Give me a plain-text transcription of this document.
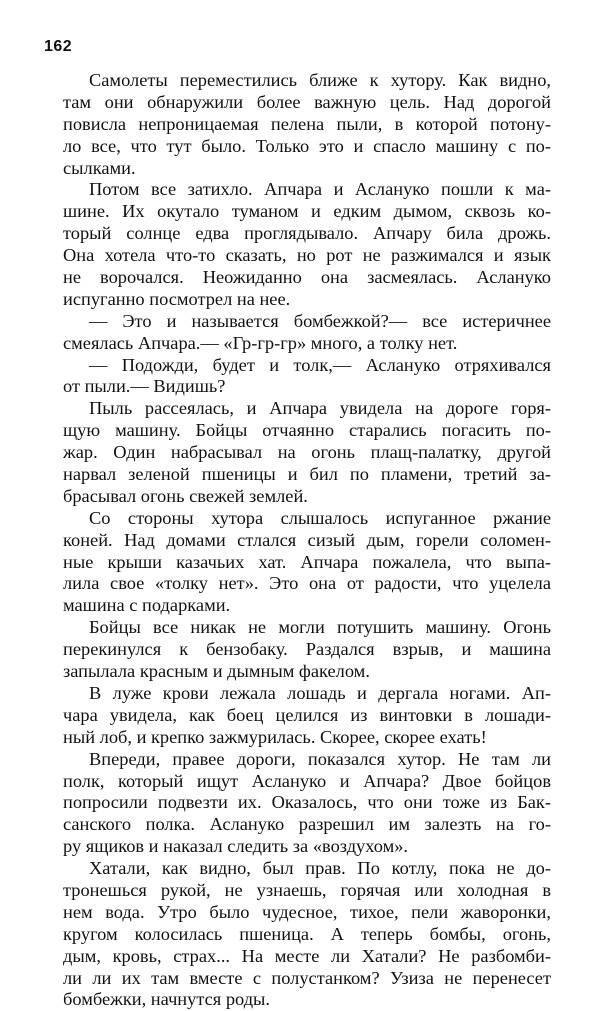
162
Самолеты переместились ближе к хутору. Как видно,
там они обнаружили более важную цель. Над дорогой
повисла непроницаемая пелена пыли, в которой потону-
ло все, что тут было. Только это и спасло машину с по-
сылками.
Потом все затихло. Апчара и Аслануко пошли к ма-
шине. Их окутало туманом и едким дымом, сквозь ко-
торый солнце едва проглядывало. Апчару била дрожь.
Она хотела что-то сказать, но рот не разжимался и язык
не ворочался. Неожиданно она засмеялась. Аслануко
испуганно посмотрел на нее.
— Это и называется бомбежкой?— все истеричнее
смеялась Апчара.— «Гр-гр-гр» много, а толку нет.
— Подожди, будет и толк,— Аслануко отряхивался
от пыли.— Видишь?
Пыль рассеялась, и Апчара увидела на дороге горя-
щую машину. Бойцы отчаянно старались погасить по-
жар. Один набрасывал на огонь плащ-палатку, другой
нарвал зеленой пшеницы и бил по пламени, третий за-
брасывал огонь свежей землей.
Со стороны хутора слышалось испуганное ржание
коней. Над домами стлался сизый дым, горели соломен-
ные крыши казачьих хат. Апчара пожалела, что выпа-
лила свое «толку нет». Это она от радости, что уцелела
машина с подарками.
Бойцы все никак не могли потушить машину. Огонь
перекинулся к бензобаку. Раздался взрыв, и машина
запылала красным и дымным факелом.
В луже крови лежала лошадь и дергала ногами. Ап-
чара увидела, как боец целился из винтовки в лошади-
ный лоб, и крепко зажмурилась. Скорее, скорее ехать!
Впереди, правее дороги, показался хутор. Не там ли
полк, который ищут Аслануко и Апчара? Двое бойцов
попросили подвезти их. Оказалось, что они тоже из Бак-
санского полка. Аслануко разрешил им залезть на го-
ру ящиков и наказал следить за «воздухом».
Хатали, как видно, был прав. По котлу, пока не до-
тронешься рукой, не узнаешь, горячая или холодная в
нем вода. Утро было чудесное, тихое, пели жаворонки,
кругом колосилась пшеница. А теперь бомбы, огонь,
дым, кровь, страх... На месте ли Хатали? Не разбомби-
ли ли их там вместе с полустанком? Узиза не перенесет
бомбежки, начнутся роды.
